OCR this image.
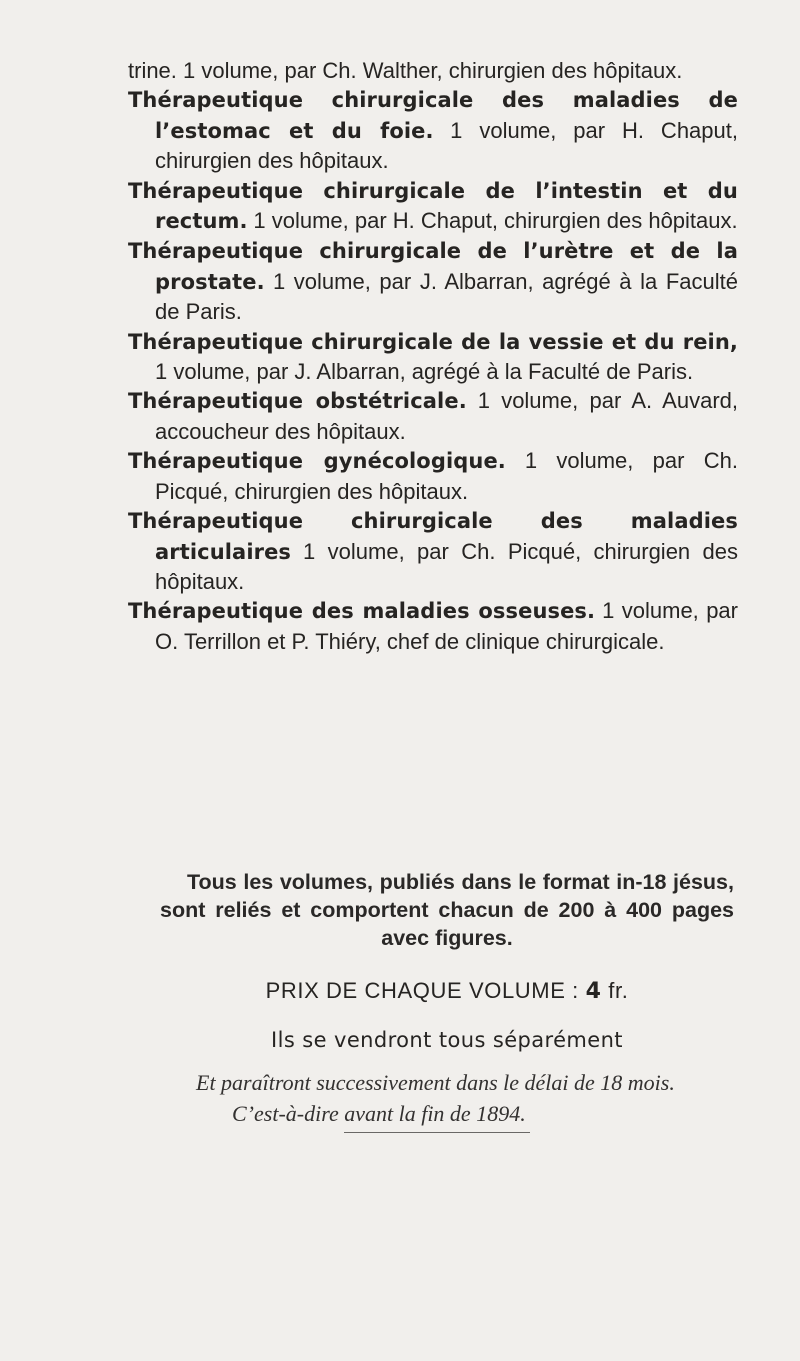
trine. 1 volume, par Ch. Walther, chirurgien des hôpitaux.

Thérapeutique chirurgicale des maladies de l’estomac et du foie. 1 volume, par H. Chaput, chirurgien des hôpitaux.

Thérapeutique chirurgicale de l’intestin et du rectum. 1 volume, par H. Chaput, chirurgien des hôpitaux.

Thérapeutique chirurgicale de l’urètre et de la prostate. 1 volume, par J. Albarran, agrégé à la Faculté de Paris.

Thérapeutique chirurgicale de la vessie et du rein, 1 volume, par J. Albarran, agrégé à la Faculté de Paris.

Thérapeutique obstétricale. 1 volume, par A. Auvard, accoucheur des hôpitaux.

Thérapeutique gynécologique. 1 volume, par Ch. Picqué, chirurgien des hôpitaux.

Thérapeutique chirurgicale des maladies articulaires 1 volume, par Ch. Picqué, chirurgien des hôpitaux.

Thérapeutique des maladies osseuses. 1 volume, par O. Terrillon et P. Thiéry, chef de clinique chirurgicale.

Tous les volumes, publiés dans le format in-18 jésus, sont reliés et comportent chacun de 200 à 400 pages avec figures.

PRIX DE CHAQUE VOLUME : 4 fr.
Ils se vendront tous séparément
Et paraîtront successivement dans le délai de 18 mois.
C’est-à-dire avant la fin de 1894.
